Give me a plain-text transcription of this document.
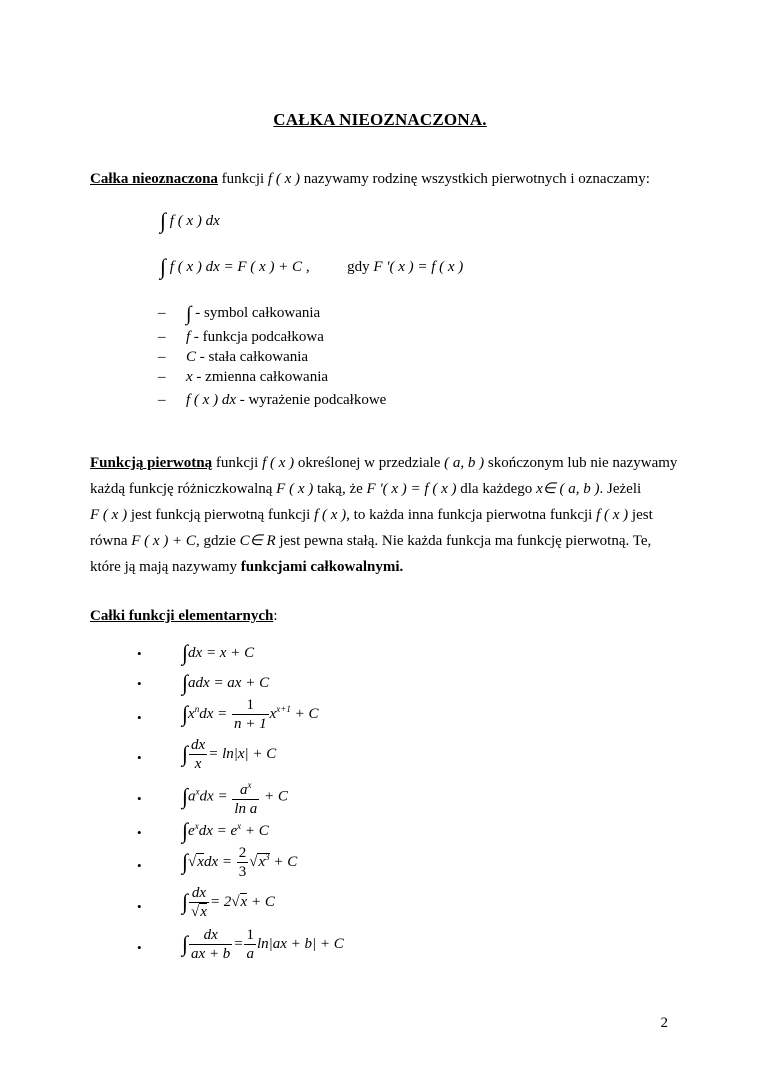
CAŁKA NIEOZNACZONA.
Całka nieoznaczona funkcji f ( x ) nazywamy rodzinę wszystkich pierwotnych i oznaczamy:
∫ f ( x ) dx
∫ f ( x ) dx = F ( x ) + C ,	gdy F '( x ) = f ( x )
– ∫ - symbol całkowania
– f - funkcja podcałkowa
– C - stała całkowania
– x - zmienna całkowania
– f ( x ) dx - wyrażenie podcałkowe
Funkcją pierwotną funkcji f ( x ) określonej w przedziale ( a, b ) skończonym lub nie nazywamy każdą funkcję różniczkowalną F ( x ) taką, że F '( x ) = f ( x ) dla każdego x∈ ( a, b ). Jeżeli F ( x ) jest funkcją pierwotną funkcji f ( x ), to każda inna funkcja pierwotna funkcji f ( x ) jest równa F ( x ) + C, gdzie C∈ R jest pewna stałą. Nie każda funkcja ma funkcję pierwotną. Te, które ją mają nazywamy funkcjami całkowalnymi.
Całki funkcji elementarnych:
•
•
•
•
•
•
•
•
•
∫dx = x + C
∫adx = ax + C
$\int x^ndx = \frac{1}{n + 1} x^{x+1} + C$
∫ $\frac{dx}{x} = \ln|x| + C$
$\int a^xdx = \frac{a^x}{\text{ln a}} + C$
$\int e^xdx = e^x + C$
$\int√xdx = \frac{2}{3} √x^3 + C$
∫ $\frac{dx}{√x} = 2√x + C$
∫ $\frac{dx}{ax + b} = \frac{1}{a} \ln|ax + b| + C$
2
